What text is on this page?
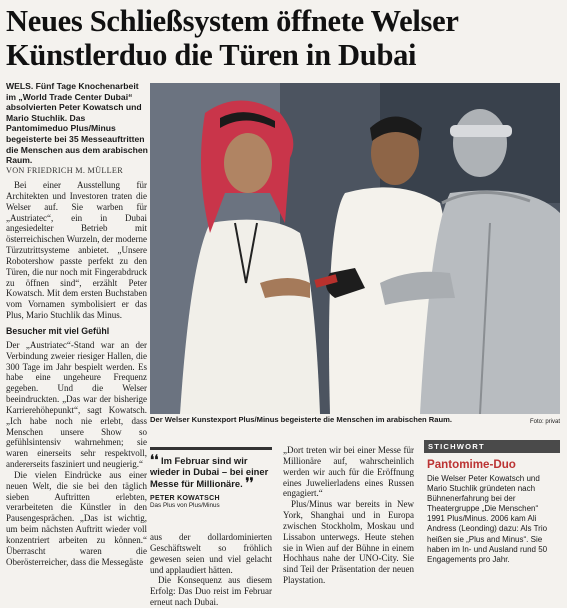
Neues Schließsystem öffnete Welser Künstlerduo die Türen in Dubai
WELS. Fünf Tage Knochenarbeit im „World Trade Center Dubai“ absolvierten Peter Kowatsch und Mario Stuchlik. Das Pantomimeduo Plus/Minus begeisterte bei 35 Messeauftritten die Menschen aus dem arabischen Raum.
VON FRIEDRICH M. MÜLLER

Bei einer Ausstellung für Architekten und Investoren traten die Welser auf. Sie warben für „Austriatec“, ein in Dubai angesiedelter Betrieb mit österreichischen Wurzeln, der moderne Türzutrittsysteme anbietet. „Unsere Robotershow passte perfekt zu den Türen, die nur noch mit Fingerabdruck zu öffnen sind“, erzählt Peter Kowatsch. Mit dem ersten Buchstaben vom Vornamen symbolisiert er das Plus, Mario Stuchlik das Minus.

Besucher mit viel Gefühl

Der „Austriatec“-Stand war an der Verbindung zweier riesiger Hallen, die 300 Tage im Jahr bespielt werden. Es habe eine ungeheure Frequenz gegeben. Und die Welser beeindruckten. „Das war der bisherige Karrierehöhepunkt“, sagt Kowatsch. „Ich habe noch nie erlebt, dass Menschen unsere Show so gefühlsintensiv wahrnehmen; sie waren einerseits sehr respektvoll, andererseits fasziniert und neugierig.“

Die vielen Eindrücke aus einer neuen Welt, die sie bei den täglich sieben Auftritten erlebten, verarbeiteten die Künstler in den Pausengesprächen. „Das ist wichtig, um beim nächsten Auftritt wieder voll konzentriert arbeiten zu können.“ Überrascht waren die Oberösterreicher, dass die Messegäste

Der Welser Kunstexport Plus/Minus begeisterte die Menschen im arabischen Raum.	Foto: privat
❛❛ Im Februar sind wir wieder in Dubai – bei einer Messe für Millionäre. ❜❜
PETER KOWATSCH
Das Plus von Plus/Minus

aus der dollardominierten Geschäftswelt so fröhlich gewesen seien und viel gelacht und applaudiert hätten.

Die Konsequenz aus diesem Erfolg: Das Duo reist im Februar erneut nach Dubai.

„Dort treten wir bei einer Messe für Millionäre auf, wahrscheinlich werden wir auch für die Eröffnung eines Juwelierladens eines Russen engagiert.“

Plus/Minus war bereits in New York, Shanghai und in Europa zwischen Stockholm, Moskau und Lissabon unterwegs. Heute stehen sie in Wien auf der Bühne in einem Hochhaus nahe der UNO-City. Sie sind Teil der Präsentation der neuen Playstation.

STICHWORT
Pantomime-Duo
Die Welser Peter Kowatsch und Mario Stuchlik gründeten nach Bühnenerfahrung bei der Theatergruppe „Die Menschen“ 1991 Plus/Minus. 2006 kam Ali Andress (Leonding) dazu: Als Trio heißen sie „Plus and Minus“. Sie haben im In- und Ausland rund 50 Engagements pro Jahr.
